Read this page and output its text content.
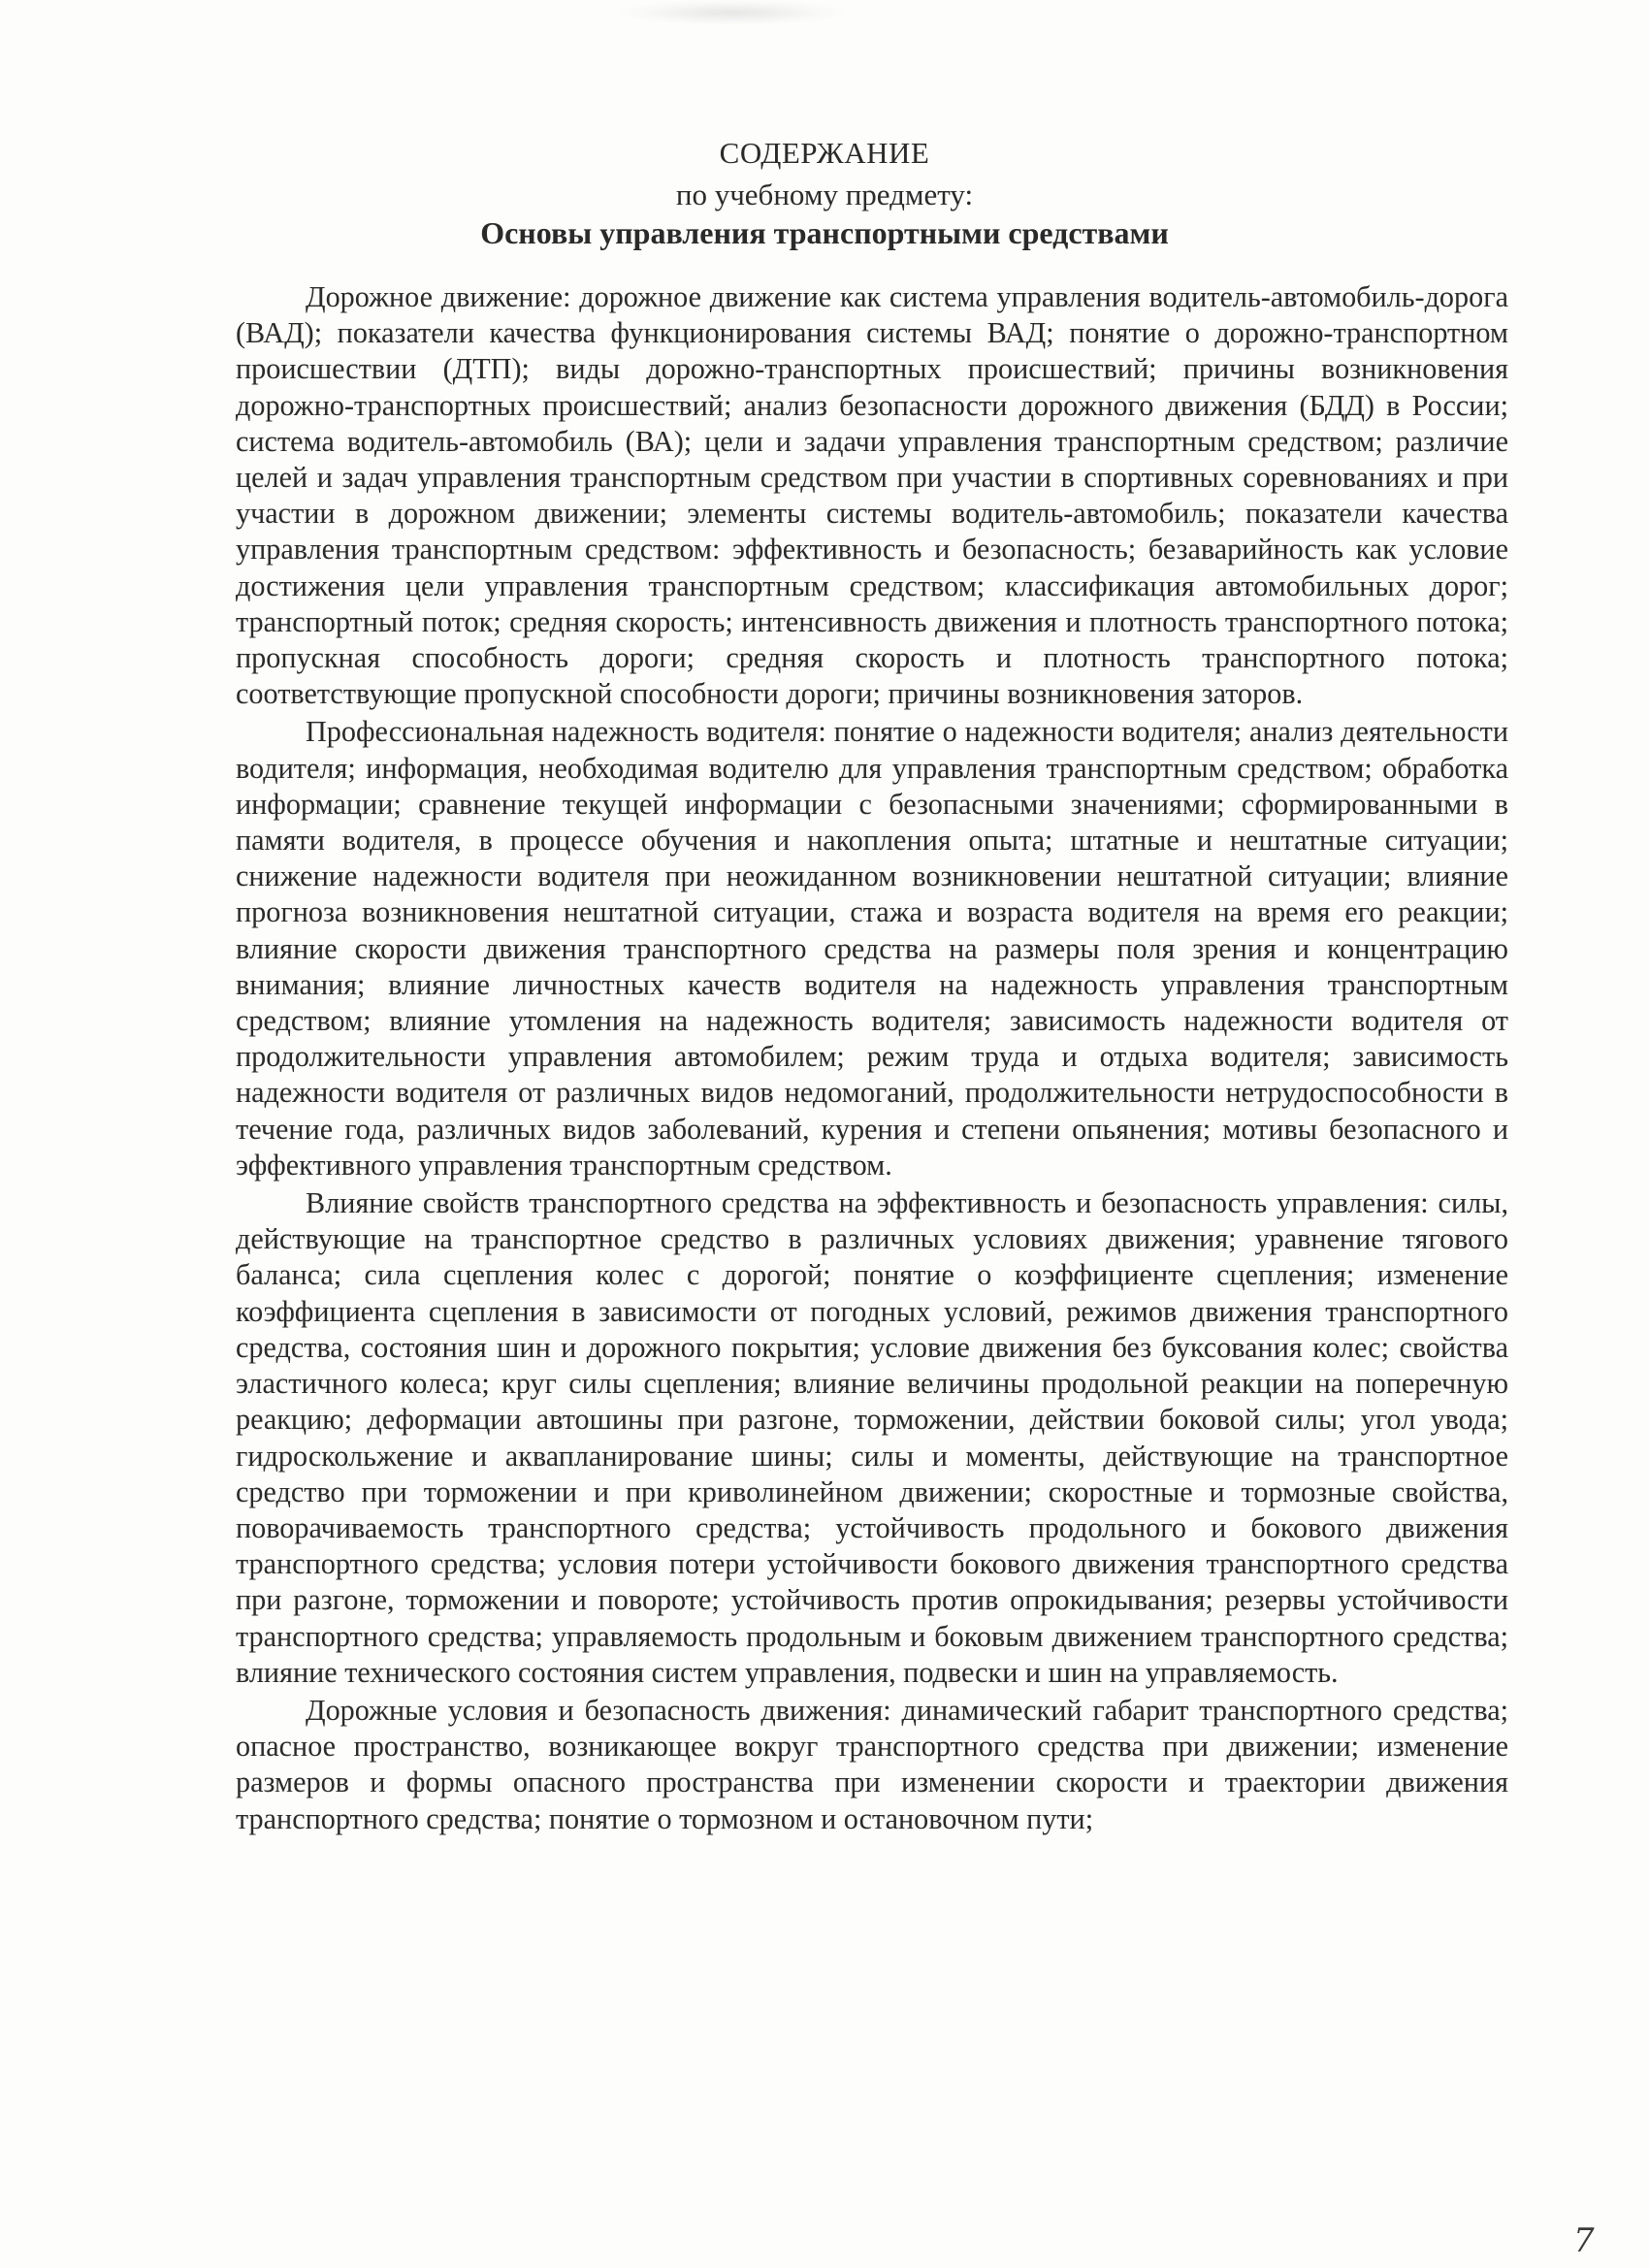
СОДЕРЖАНИЕ
по учебному предмету:
Основы управления транспортными средствами

Дорожное движение: дорожное движение как система управления водитель-автомобиль-дорога (ВАД); показатели качества функционирования системы ВАД; понятие о дорожно-транспортном происшествии (ДТП); виды дорожно-транспортных происшествий; причины возникновения дорожно-транспортных происшествий; анализ безопасности дорожного движения (БДД) в России; система водитель-автомобиль (ВА); цели и задачи управления транспортным средством; различие целей и задач управления транспортным средством при участии в спортивных соревнованиях и при участии в дорожном движении; элементы системы водитель-автомобиль; показатели качества управления транспортным средством: эффективность и безопасность; безаварийность как условие достижения цели управления транспортным средством; классификация автомобильных дорог; транспортный поток; средняя скорость; интенсивность движения и плотность транспортного потока; пропускная способность дороги; средняя скорость и плотность транспортного потока; соответствующие пропускной способности дороги; причины возникновения заторов.

Профессиональная надежность водителя: понятие о надежности водителя; анализ деятельности водителя; информация, необходимая водителю для управления транспортным средством; обработка информации; сравнение текущей информации с безопасными значениями; сформированными в памяти водителя, в процессе обучения и накопления опыта; штатные и нештатные ситуации; снижение надежности водителя при неожиданном возникновении нештатной ситуации; влияние прогноза возникновения нештатной ситуации, стажа и возраста водителя на время его реакции; влияние скорости движения транспортного средства на размеры поля зрения и концентрацию внимания; влияние личностных качеств водителя на надежность управления транспортным средством; влияние утомления на надежность водителя; зависимость надежности водителя от продолжительности управления автомобилем; режим труда и отдыха водителя; зависимость надежности водителя от различных видов недомоганий, продолжительности нетрудоспособности в течение года, различных видов заболеваний, курения и степени опьянения; мотивы безопасного и эффективного управления транспортным средством.

Влияние свойств транспортного средства на эффективность и безопасность управления: силы, действующие на транспортное средство в различных условиях движения; уравнение тягового баланса; сила сцепления колес с дорогой; понятие о коэффициенте сцепления; изменение коэффициента сцепления в зависимости от погодных условий, режимов движения транспортного средства, состояния шин и дорожного покрытия; условие движения без буксования колес; свойства эластичного колеса; круг силы сцепления; влияние величины продольной реакции на поперечную реакцию; деформации автошины при разгоне, торможении, действии боковой силы; угол увода; гидроскольжение и аквапланирование шины; силы и моменты, действующие на транспортное средство при торможении и при криволинейном движении; скоростные и тормозные свойства, поворачиваемость транспортного средства; устойчивость продольного и бокового движения транспортного средства; условия потери устойчивости бокового движения транспортного средства при разгоне, торможении и повороте; устойчивость против опрокидывания; резервы устойчивости транспортного средства; управляемость продольным и боковым движением транспортного средства; влияние технического состояния систем управления, подвески и шин на управляемость.

Дорожные условия и безопасность движения: динамический габарит транспортного средства; опасное пространство, возникающее вокруг транспортного средства при движении; изменение размеров и формы опасного пространства при изменении скорости и траектории движения транспортного средства; понятие о тормозном и остановочном пути;

7
